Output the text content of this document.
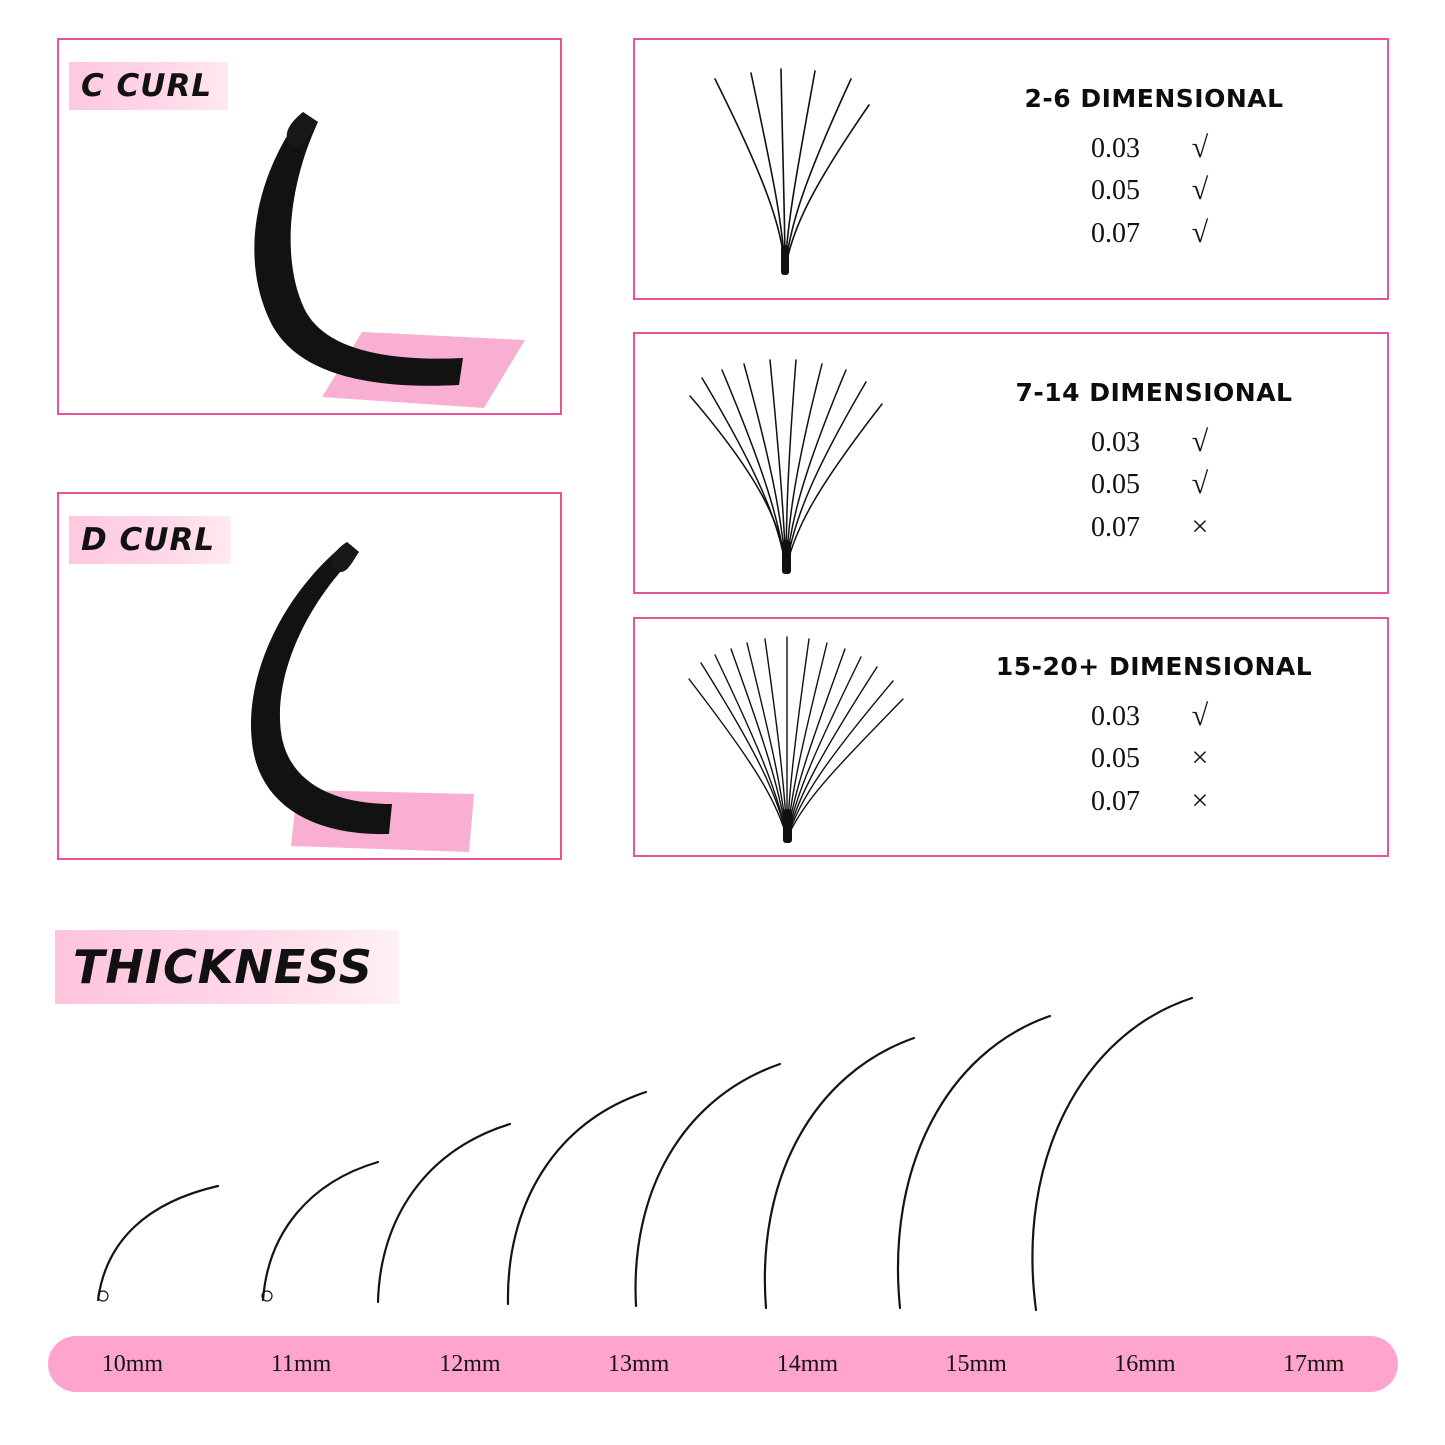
C CURL
D CURL
2-6 DIMENSIONAL
0.03 √
0.05 √
0.07 √
7-14 DIMENSIONAL
0.03 √
0.05 √
0.07 ×
15-20+ DIMENSIONAL
0.03 √
0.05 ×
0.07 ×
THICKNESS
10mm	11mm	12mm	13mm	14mm	15mm	16mm	17mm
